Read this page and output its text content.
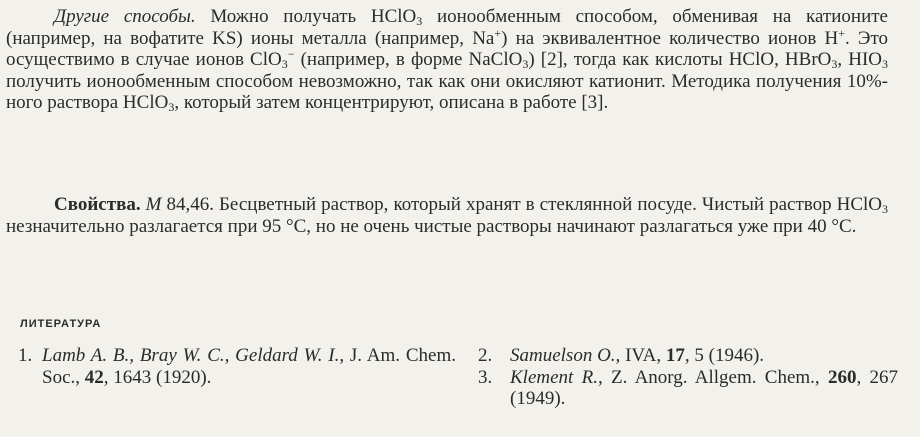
Другие способы. Можно получать HClO$_3$ ионообменным способом, обменивая на катионите (например, на вофатите KS) ионы металла (например, Na+) на эквивалентное количество ионов H+. Это осуществимо в случае ионов ClO$_3$− (например, в форме NaClO$_3$) [2], тогда как кислоты HClO, HBrO$_3$, $HIO_3$ получить ионообменным способом невозможно, так как они окисляют катионит. Методика получения 10%-ного раствора HClO$_3$, который затем концентрируют, описана в работе [3].

Свойства. M 84,46. Бесцветный раствор, который хранят в стеклянной посуде. Чистый раствор HClO$_3$ незначительно разлагается при 95 °C, но не очень чистые растворы начинают разлагаться уже при 40 °C.

ЛИТЕРАТУРА

1. Lamb A. B., Bray W. C., Geldard W. I., J. Am. Chem. Soc., 42, 1643 (1920).

2. Samuelson O., IVA, 17, 5 (1946).

3. Klement R., Z. Anorg. Allgem. Chem., 260, 267 (1949).
